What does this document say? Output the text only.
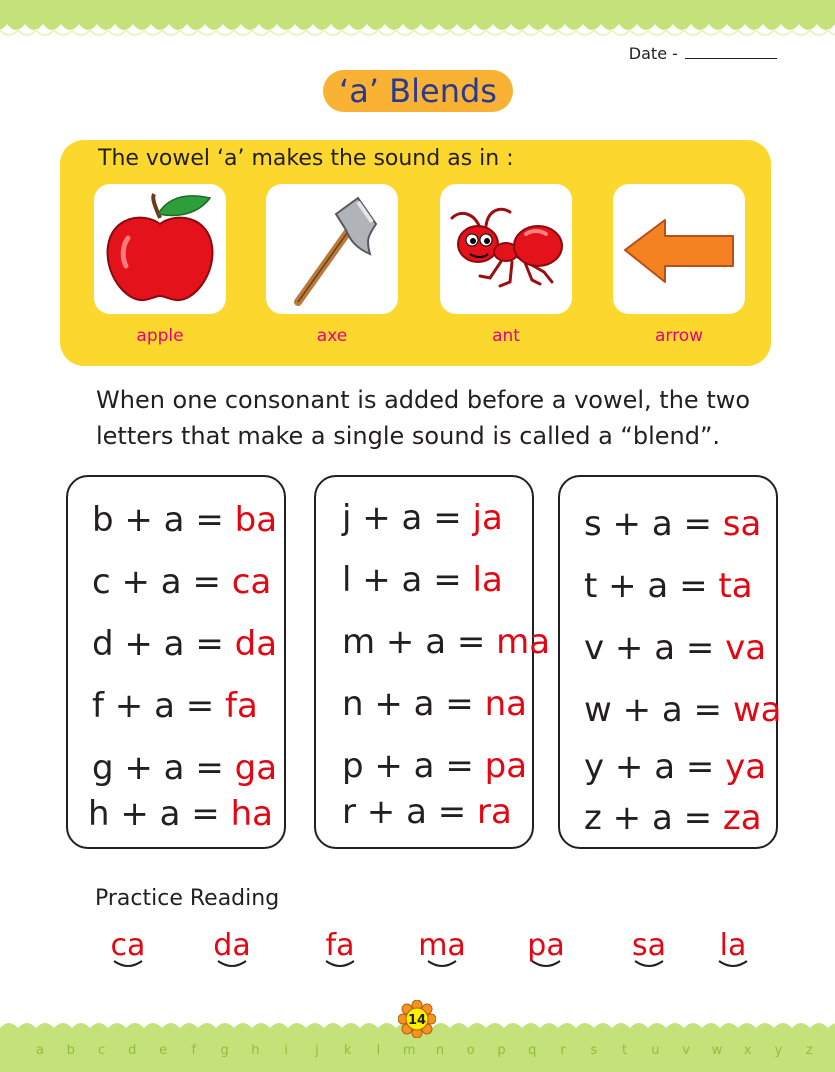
Date -
‘a’ Blends
The vowel ‘a’ makes the sound as in :
apple	axe	ant	arrow
When one consonant is added before a vowel, the two
letters that make a single sound is called a “blend”.
b + a = ba
c + a = ca
d + a = da
f + a = fa
g + a = ga
h + a = ha
j + a = ja
l + a = la
m + a = ma
n + a = na
p + a = pa
r + a = ra
s + a = sa
t + a = ta
v + a = va
w + a = wa
y + a = ya
z + a = za
Practice Reading
ca	da	fa	ma	pa	sa	la
a b c d e f g h i j k l m n o p q r s t u v w x y z
14
